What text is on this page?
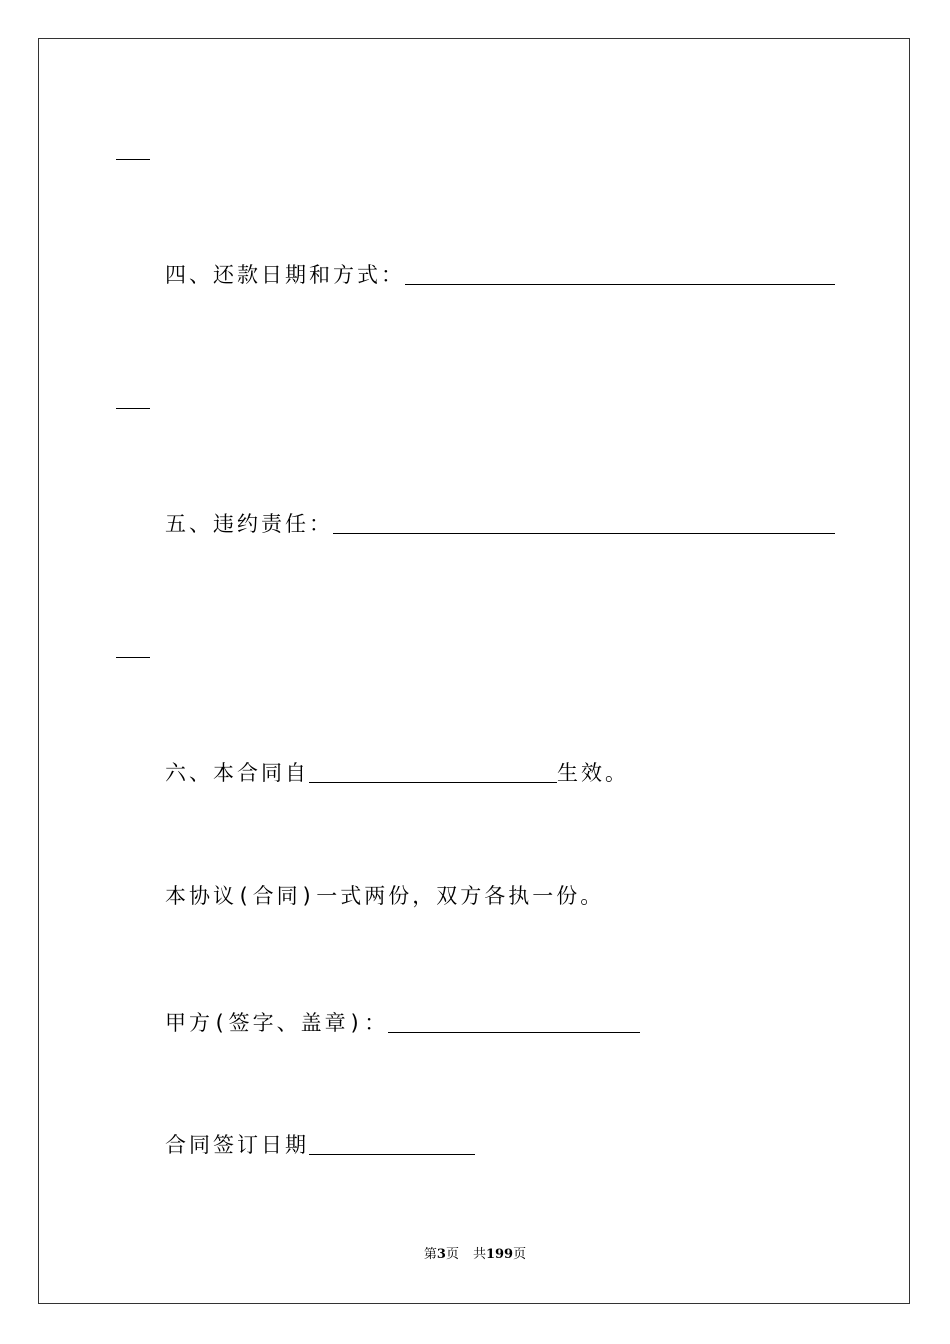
四、还款日期和方式：
五、违约责任：
六、本合同自	生效。
本协议(合同)一式两份，双方各执一份。
甲方(签字、盖章)：
合同签订日期
第3页 共199页
